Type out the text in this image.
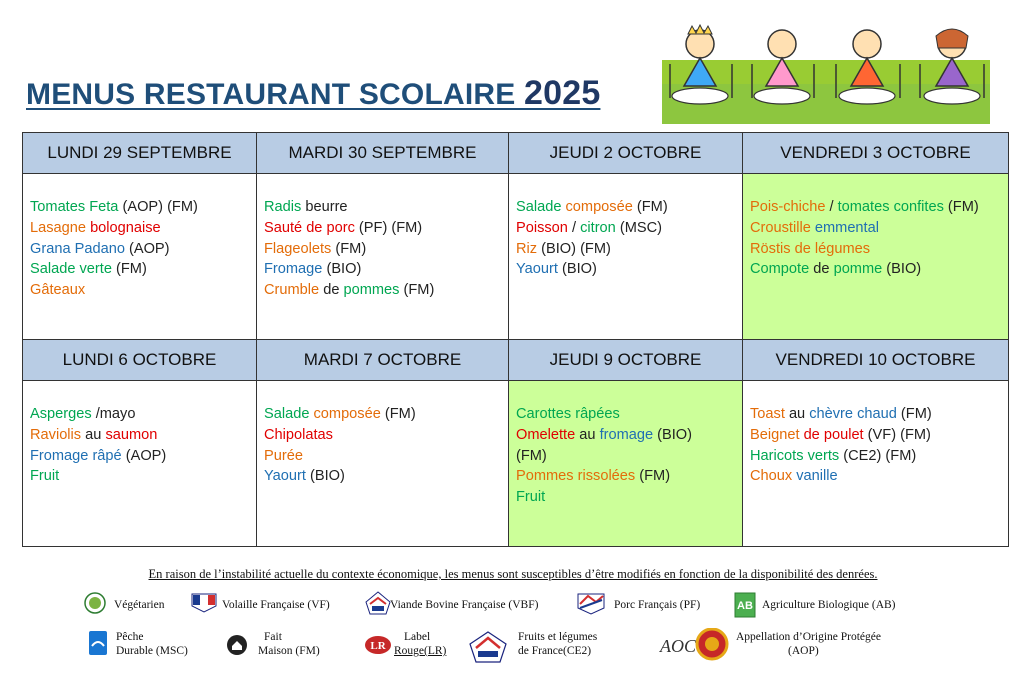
MENUS RESTAURANT SCOLAIRE 2025
LUNDI 29 SEPTEMBRE	MARDI 30 SEPTEMBRE	JEUDI 2 OCTOBRE	VENDREDI 3 OCTOBRE

Tomates Feta (AOP) (FM)
Lasagne bolognaise
Grana Padano (AOP)
Salade verte (FM)
Gâteaux	Radis beurre
Sauté de porc (PF) (FM)
Flageolets (FM)
Fromage (BIO)
Crumble de pommes (FM)	Salade composée (FM)
Poisson / citron (MSC)
Riz (BIO) (FM)
Yaourt (BIO)	Pois-chiche / tomates confites (FM)
Croustille emmental
Röstis de légumes
Compote de pomme (BIO)

LUNDI 6 OCTOBRE	MARDI 7 OCTOBRE	JEUDI 9 OCTOBRE	VENDREDI 10 OCTOBRE

Asperges /mayo
Raviolis au saumon
Fromage râpé (AOP)
Fruit	Salade composée (FM)
Chipolatas
Purée
Yaourt (BIO)	Carottes râpées
Omelette au fromage (BIO)
(FM)
Pommes rissolées (FM)
Fruit	Toast au chèvre chaud (FM)
Beignet de poulet (VF) (FM)
Haricots verts (CE2) (FM)
Choux vanille
En raison de l’instabilité actuelle du contexte économique, les menus sont susceptibles d’être modifiés en fonction de la disponibilité des denrées.
Végétarien	Volaille Française (VF)	Viande Bovine Française (VBF)	Porc Français (PF)	AB Agriculture Biologique (AB)
Pêche
Durable (MSC)
Fait
Maison (FM)	LR
Label
Rouge(LR)
Fruits et légumes
de France(CE2)	AOC	Appellation d’Origine Protégée
(AOP)
